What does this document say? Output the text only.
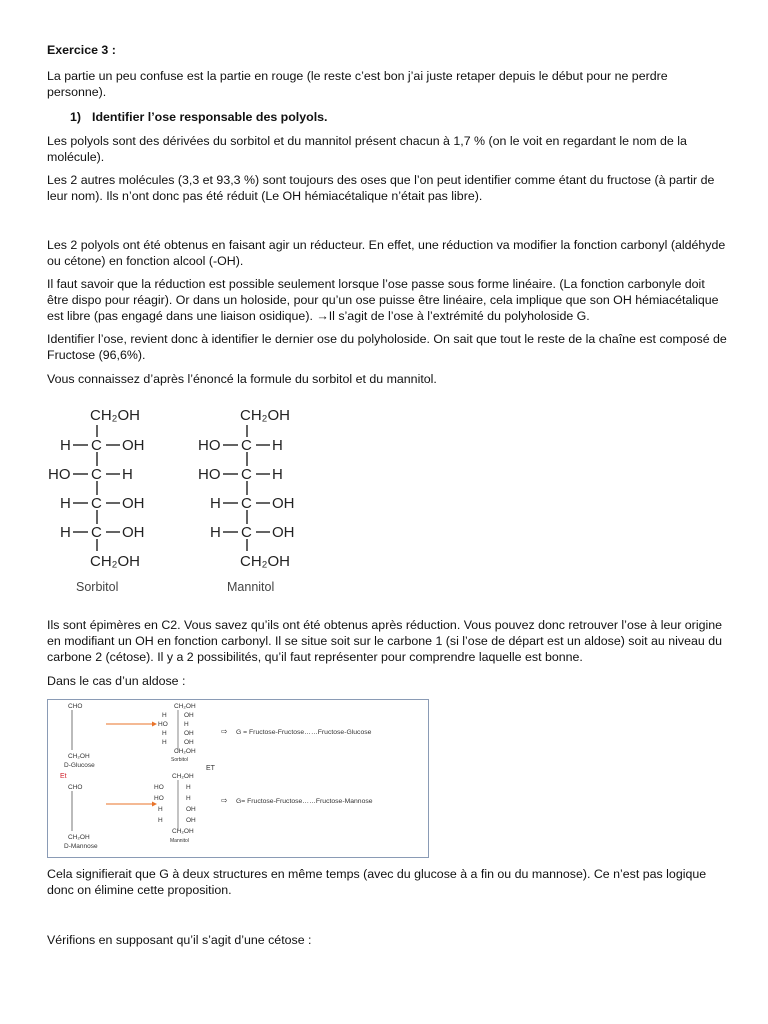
Exercice 3 :

La partie un peu confuse est la partie en rouge (le reste c’est bon j’ai juste retaper depuis le début pour ne perdre personne).

1) Identifier l’ose responsable des polyols.

Les polyols sont des dérivées du sorbitol et du mannitol présent chacun à 1,7 % (on le voit en regardant le nom de la molécule).

Les 2 autres molécules (3,3 et 93,3 %) sont toujours des oses que l’on peut identifier comme étant du fructose (à partir de leur nom). Ils n’ont donc pas été réduit (Le OH hémiacétalique n’était pas libre).

Les 2 polyols ont été obtenus en faisant agir un réducteur. En effet, une réduction va modifier la fonction carbonyl (aldéhyde ou cétone) en fonction alcool (-OH).

Il faut savoir que la réduction est possible seulement lorsque l’ose passe sous forme linéaire. (La fonction carbonyle doit être dispo pour réagir). Or dans un holoside, pour qu’un ose puisse être linéaire, cela implique que son OH hémiacétalique est libre (pas engagé dans une liaison osidique). →Il s’agit de l’ose à l’extrémité du polyholoside G.

Identifier l’ose, revient donc à identifier le dernier ose du polyholoside. On sait que tout le reste de la chaîne est composé de Fructose (96,6%).

Vous connaissez d’après l’énoncé la formule du sorbitol et du mannitol.

CH₂OH
H C OH
HO C H
H C OH
H C OH
CH₂OH
Sorbitol
CH₂OH
HO C H
HO C H
H C OH
H C OH
CH₂OH
Mannitol

Ils sont épimères en C2. Vous savez qu’ils ont été obtenus après réduction. Vous pouvez donc retrouver l’ose à leur origine en modifiant un OH en fonction carbonyl. Il se situe soit sur le carbone 1 (si l’ose de départ est un aldose) soit au niveau du carbone 2 (cétose). Il y a 2 possibilités, qu’il faut représenter pour comprendre laquelle est bonne.

Dans le cas d’un aldose :

CHO
CH₂OH
D-Glucose
Et
CHO
CH₂OH
D-Mannose
CH₂OH
H	OH
HO	H
H	OH
H	OH
CH₂OH
Sorbitol
ET
CH₂OH
HO	H
HO	H
H	OH
H	OH
CH₂OH
Mannitol
⇨ G = Fructose-Fructose……Fructose-Glucose
⇨ G= Fructose-Fructose……Fructose-Mannose

Cela signifierait que G à deux structures en même temps (avec du glucose à a fin ou du mannose). Ce n’est pas logique donc on élimine cette proposition.

Vérifions en supposant qu’il s’agit d’une cétose :
